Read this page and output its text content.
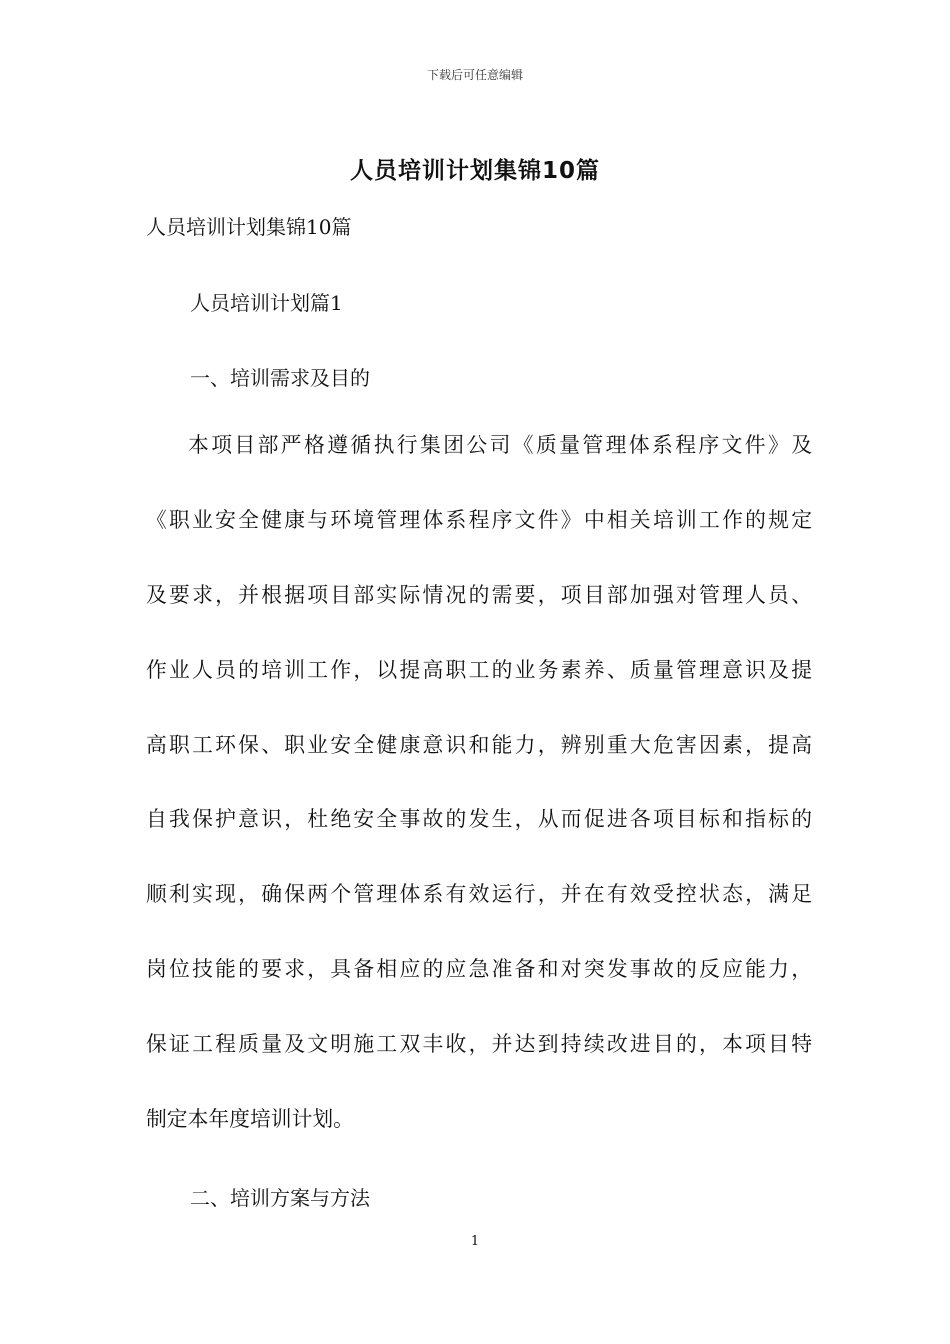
下载后可任意编辑
人员培训计划集锦10篇
人员培训计划集锦10篇
人员培训计划篇1
一、培训需求及目的
本项目部严格遵循执行集团公司《质量管理体系程序文件》及
《职业安全健康与环境管理体系程序文件》中相关培训工作的规定
及要求，并根据项目部实际情况的需要，项目部加强对管理人员、
作业人员的培训工作，以提高职工的业务素养、质量管理意识及提
高职工环保、职业安全健康意识和能力，辨别重大危害因素，提高
自我保护意识，杜绝安全事故的发生，从而促进各项目标和指标的
顺利实现，确保两个管理体系有效运行，并在有效受控状态，满足
岗位技能的要求，具备相应的应急准备和对突发事故的反应能力，
保证工程质量及文明施工双丰收，并达到持续改进目的，本项目特
制定本年度培训计划。
二、培训方案与方法
1
